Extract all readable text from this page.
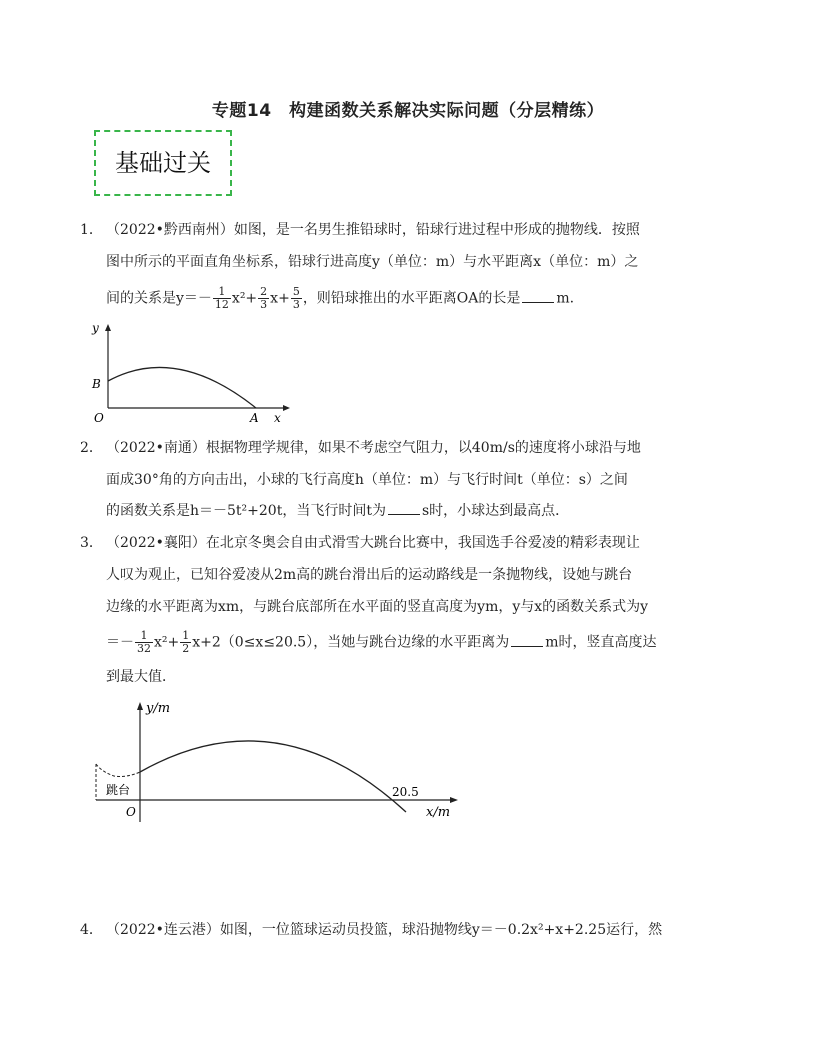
专题14　构建函数关系解决实际问题（分层精练）
基础过关
1． （2022•黔西南州）如图，是一名男生推铅球时，铅球行进过程中形成的抛物线．按照
图中所示的平面直角坐标系，铅球行进高度y（单位：m）与水平距离x（单位：m）之
间的关系是$y=- \frac{1}{12} x^2+ \frac{2}{3} x+ \frac{5}{3}$ ，则铅球推出的水平距离OA的长是	m.
y
B
O	A x
2． （2022•南通）根据物理学规律，如果不考虑空气阻力，以40m/s的速度将小球沿与地
面成30°角的方向击出，小球的飞行高度h（单位：m）与飞行时间t（单位：s）之间
的函数关系是h＝－5t²+20t，当飞行时间t为	s时，小球达到最高点．
3． （2022•襄阳）在北京冬奥会自由式滑雪大跳台比赛中，我国选手谷爱凌的精彩表现让
人叹为观止，已知谷爱凌从2m高的跳台滑出后的运动路线是一条抛物线，设她与跳台
边缘的水平距离为xm，与跳台底部所在水平面的竖直高度为ym，y与x的函数关系式为y
＝－ $\frac{1}{32} x^2+ \frac{1}{2} x+2(0\le x\le 20.5)$，当她与跳台边缘的水平距离为	m时，竖直高度达
到最大值．
跳台
y/m
O
20.5
x/m
4． （2022•连云港）如图，一位篮球运动员投篮，球沿抛物线y＝－0.2x²+x+2.25运行，然
